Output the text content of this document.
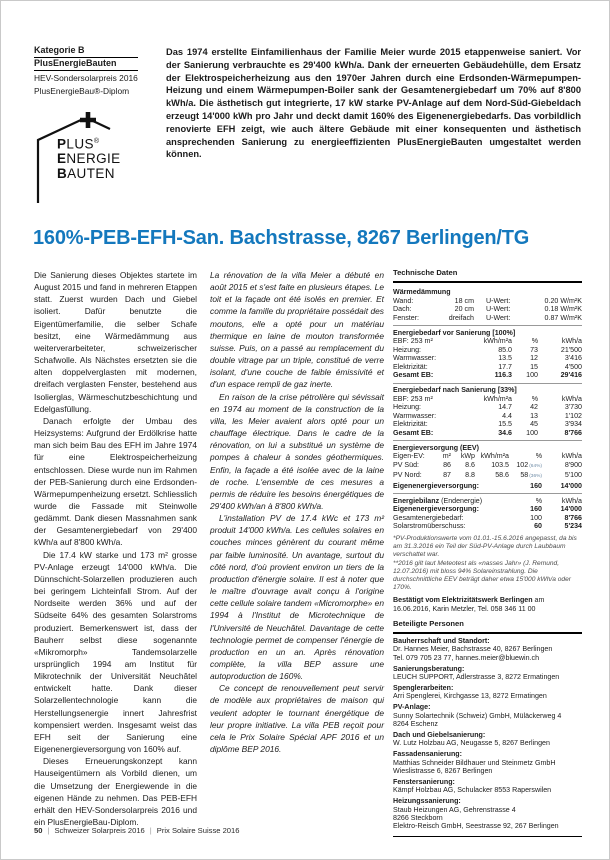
Kategorie B
PlusEnergieBauten
HEV-Sondersolarpreis 2016
PlusEnergieBau®-Diplom
PLUS®
ENERGIE
BAUTEN
Das 1974 erstellte Einfamilienhaus der Familie Meier wurde 2015 etappenweise saniert. Vor der Sanierung verbrauchte es 29'400 kWh/a. Dank der erneuerten Gebäudehülle, dem Ersatz der Elektrospeicherheizung aus den 1970er Jahren durch eine Erdsonden-Wärmepumpen-Heizung und einem Wärmepumpen-Boiler sank der Gesamtenergiebedarf um 70% auf 8'800 kWh/a. Die ästhetisch gut integrierte, 17 kW starke PV-Anlage auf dem Nord-Süd-Giebeldach erzeugt 14'000 kWh pro Jahr und deckt damit 160% des Eigenenergiebedarfs. Das vorbildlich renovierte EFH zeigt, wie auch ältere Gebäude mit einer konsequenten und ästhetisch ansprechenden Sanierung zu energieeffizienten PlusEnergieBauten umgestaltet werden können.
160%-PEB-EFH-San. Bachstrasse, 8267 Berlingen/TG

Die Sanierung dieses Objektes startete im August 2015 und fand in mehreren Etappen statt. Zuerst wurden Dach und Giebel isoliert. Dafür benutzte die Eigentümerfamilie, die selber Schafe besitzt, eine Wärmedämmung aus weiterverarbeiteter, schweizerischer Schafwolle. Als Nächstes ersetzten sie die alten doppelverglasten mit modernen, dreifach verglasten Fenster, bestehend aus Isolierglas, Wärmeschutzbeschichtung und Edelgasfüllung.

Danach erfolgte der Umbau des Heizsystems: Aufgrund der Erdölkrise hatte man sich beim Bau des EFH im Jahre 1974 für eine Elektrospeicherheizung entschlossen. Diese wurde nun im Rahmen der PEB-Sanierung durch eine Erdsonden-Wärmepumpenheizung ersetzt. Schliesslich wurde die Fassade mit Steinwolle gedämmt. Dank diesen Massnahmen sank der Gesamtenergiebedarf von 29'400 kWh/a auf 8'800 kWh/a.

Die 17.4 kW starke und 173 m² grosse PV-Anlage erzeugt 14'000 kWh/a. Die Dünnschicht-Solarzellen produzieren auch bei geringem Lichteinfall Strom. Auf der Nordseite werden 36% und auf der Südseite 64% des gesamten Solarstroms produziert. Bemerkenswert ist, dass der Bauherr selbst diese sogenannte «Mikromorph» Tandemsolarzelle ursprünglich 1994 am Institut für Mikrotechnik der Universität Neuchâtel entwickelt hatte. Dank dieser Solarzellentechnologie kann die Herstellungsenergie innert Jahresfrist kompensiert werden. Insgesamt weist das EFH seit der Sanierung eine Eigenenergieversorgung von 160% auf.

Dieses Erneuerungskonzept kann Hauseigentümern als Vorbild dienen, um die Umsetzung der Energiewende in die eigenen Hände zu nehmen. Das PEB-EFH erhält den HEV-Sondersolarpreis 2016 und ein PlusEnergieBau-Diplom.

La rénovation de la villa Meier a débuté en août 2015 et s'est faite en plusieurs étapes. Le toit et la façade ont été isolés en premier. Et comme la famille du propriétaire possédait des moutons, elle a opté pour un matériau thermique en laine de mouton transformée suisse. Puis, on a passé au remplacement du double vitrage par un triple, constitué de verre isolant, d'une couche de faible émissivité et d'un espace rempli de gaz inerte.

En raison de la crise pétrolière qui sévissait en 1974 au moment de la construction de la villa, les Meier avaient alors opté pour un chauffage électrique. Dans le cadre de la rénovation, on lui a substitué un système de pompes à chaleur à sondes géothermiques. Enfin, la façade a été isolée avec de la laine de roche. L'ensemble de ces mesures a permis de réduire les besoins énergétiques de 29'400 kWh/an à 8'800 kWh/a.

L'installation PV de 17.4 kWc et 173 m² produit 14'000 kWh/a. Les cellules solaires en couches minces génèrent du courant même par faible luminosité. Un avantage, surtout du côté nord, d'où provient environ un tiers de la production d'énergie solaire. Il est à noter que le maître d'ouvrage avait conçu à l'origine cette cellule solaire tandem «Micromorphe» en 1994 à l'Institut de Microtechnique de l'Université de Neuchâtel. Davantage de cette technologie permet de compenser l'énergie de production en un an. Après rénovation complète, la villa BEP assure une autoproduction de 160%.

Ce concept de renouvellement peut servir de modèle aux propriétaires de maison qui veulent adopter le tournant énergétique de leur propre initiative. La villa PEB reçoit pour cela le Prix Solaire Spécial APF 2016 et un diplôme BEP 2016.

Technische Daten
Wärmedämmung
Wand:	18 cm	U-Wert:	0.20 W/m²K
Dach:	20 cm	U-Wert:	0.18 W/m²K
Fenster:	dreifach	U-Wert:	0.87 W/m²K
Energiebedarf vor Sanierung [100%]
EBF: 253 m²	kWh/m²a	%	kWh/a
Heizung:	85.0	73	21'500
Warmwasser:	13.5	12	3'416
Elektrizität:	17.7	15	4'500
Gesamt EB:	116.3	100	29'416
Energiebedarf nach Sanierung [33%]
EBF: 253 m²	kWh/m²a	%	kWh/a
Heizung:	14.7	42	3'730
Warmwasser:	4.4	13	1'102
Elektrizität:	15.5	45	3'934
Gesamt EB:	34.6	100	8'766
Energieversorgung (EEV)
Eigen-EV:	m²	kWp kWh/m²a	%	kWh/a
PV Süd:	86	8.6	103.5	102(64%)	8'900
PV Nord:	87	8.8	58.6	58(36%)	5'100
Eigenenergieversorgung:	160	14'000
Energiebilanz (Endenergie)	%	kWh/a
Eigenenergieversorgung:	160	14'000
Gesamtenergiebedarf:	100	8'766
Solarstromüberschuss:	60	5'234

*PV-Produktionswerte vom 01.01.-15.6.2016 angepasst, da bis am 31.3.2016 ein Teil der Süd-PV-Anlage durch Laubbaum verschattet war.

**2016 gilt laut Meteotest als «nasses Jahr» (J. Remund, 12.07.2016) mit bloss 94% Solareinstrahlung. Die durchschnittliche EEV beträgt daher etwa 15'000 kWh/a oder 170%.

Bestätigt vom Elektrizitätswerk Berlingen am 16.06.2016, Karin Metzler, Tel. 058 346 11 00
Beteiligte Personen
Bauherrschaft und Standort:
Dr. Hannes Meier, Bachstrasse 40, 8267 Berlingen
Tel. 079 705 23 77, hannes.meier@bluewin.ch
Sanierungsberatung:
LEUCH SUPPORT, Adlerstrasse 3, 8272 Ermatingen
Spenglerarbeiten:
Arri Spenglerei, Kirchgasse 13, 8272 Ermatingen
PV-Anlage:
Sunny Solartechnik (Schweiz) GmbH, Müläckerweg 4
8264 Eschenz
Dach und Giebelsanierung:
W. Lutz Holzbau AG, Neugasse 5, 8267 Berlingen
Fassadensanierung:
Matthias Schneider Bildhauer und Steinmetz GmbH
Wieslistrasse 6, 8267 Berlingen
Fenstersanierung:
Kämpf Holzbau AG, Schulacker 8553 Raperswilen
Heizungssanierung:
Staub Heizungen AG, Gehrenstrasse 4
8266 Steckborn
Elektro-Reisch GmbH, Seestrasse 92, 267 Berlingen
50 | Schweizer Solarpreis 2016 | Prix Solaire Suisse 2016
